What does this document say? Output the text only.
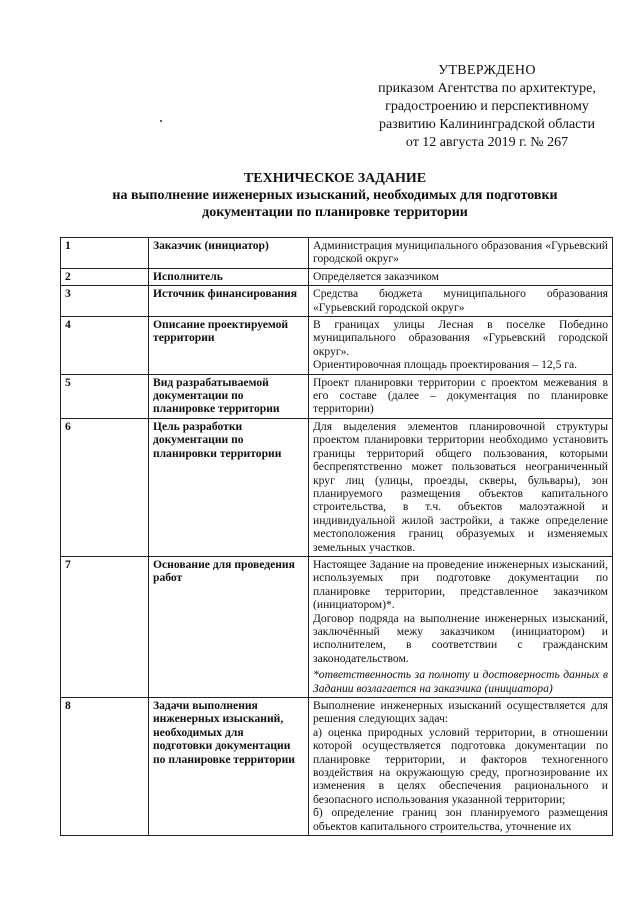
УТВЕРЖДЕНО
приказом Агентства по архитектуре,
градостроению и перспективному
развитию Калининградской области
от 12 августа 2019 г. № 267
ТЕХНИЧЕСКОЕ ЗАДАНИЕ
на выполнение инженерных изысканий, необходимых для подготовки
документации по планировке территории
1	Заказчик (инициатор)	Администрация муниципального образования «Гурьевский городской округ»

2	Исполнитель	Определяется заказчиком

3	Источник финансирования	Средства бюджета муниципального образования «Гурьевский городской округ»

4	Описание проектируемой территории	В границах улицы Лесная в поселке Победино муниципального образования «Гурьевский городской округ».

Ориентировочная площадь проектирования – 12,5 га.

5	Вид разрабатываемой документации по планировке территории	Проект планировки территории с проектом межевания в его составе (далее – документация по планировке территории)

6	Цель разработки документации по планировки территории	Для выделения элементов планировочной структуры проектом планировки территории необходимо установить границы территорий общего пользования, которыми беспрепятственно может пользоваться неограниченный круг лиц (улицы, проезды, скверы, бульвары), зон планируемого размещения объектов капитального строительства, в т.ч. объектов малоэтажной и индивидуальной жилой застройки, а также определение местоположения границ образуемых и изменяемых земельных участков.

7	Основание для проведения работ	Настоящее Задание на проведение инженерных изысканий, используемых при подготовке документации по планировке территории, представленное заказчиком (инициатором)*.

Договор подряда на выполнение инженерных изысканий, заключённый межу заказчиком (инициатором) и исполнителем, в соответствии с гражданским законодательством.

*ответственность за полноту и достоверность данных в Задании возлагается на заказчика (инициатора)

8	Задачи выполнения инженерных изысканий, необходимых для подготовки документации по планировке территории	Выполнение инженерных изысканий осуществляется для решения следующих задач:

а) оценка природных условий территории, в отношении которой осуществляется подготовка документации по планировке территории, и факторов техногенного воздействия на окружающую среду, прогнозирование их изменения в целях обеспечения рационального и безопасного использования указанной территории;

б) определение границ зон планируемого размещения объектов капитального строительства, уточнение их
